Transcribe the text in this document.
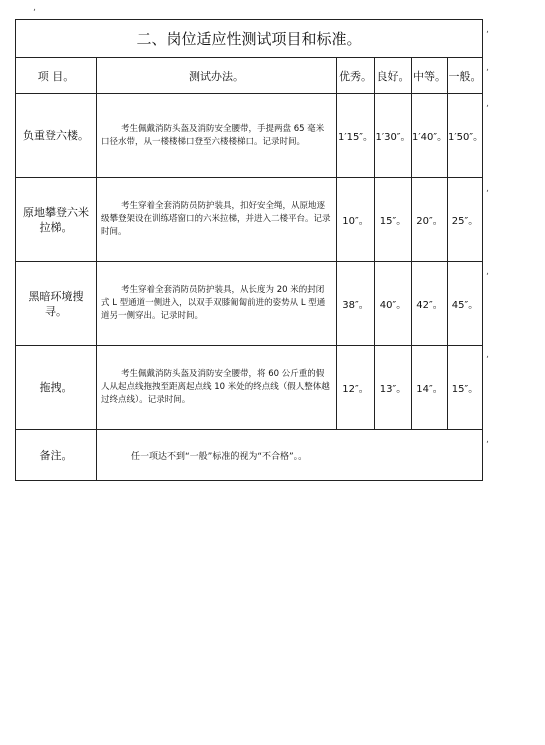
‚
二、岗位适应性测试项目和标准。					
项 目。	测试办法。	优秀。	良好。	中等。	一般。
负重登六楼。	考生佩戴消防头盔及消防安全腰带，手提两盘 65 毫米口径水带，从一楼楼梯口登至六楼楼梯口。记录时间。	1′15″。	1′30″。	1′40″。	1′50″。
原地攀登六米拉梯。	考生穿着全套消防员防护装具，扣好安全绳，从原地逐级攀登架设在训练塔窗口的六米拉梯，并进入二楼平台。记录时间。	10″。	15″。	20″。	25″。
黑暗环境搜寻。	考生穿着全套消防员防护装具，从长度为 20 米的封闭式 L 型通道一侧进入，以双手双膝匍匐前进的姿势从 L 型通道另一侧穿出。记录时间。	38″。	40″。	42″。	45″。
拖拽。	考生佩戴消防头盔及消防安全腰带，将 60 公斤重的假人从起点线拖拽至距离起点线 10 米处的终点线（假人整体越过终点线）。记录时间。	12″。	13″。	14″。	15″。
备注。	任一项达不到“一般”标准的视为“不合格”。。				
‚
‚
‚
‚
‚
‚
‚
